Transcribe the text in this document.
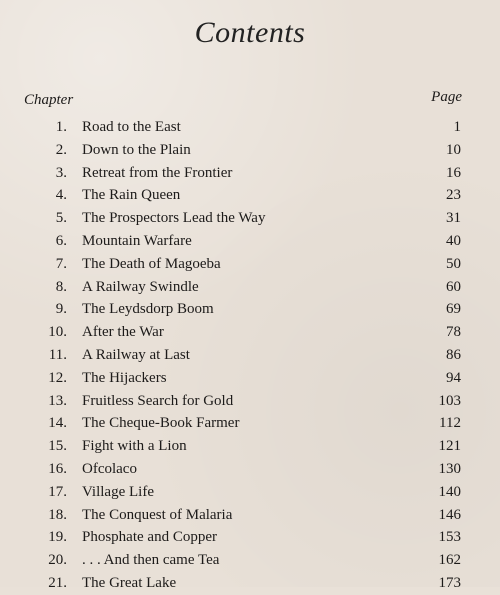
Contents
Chapter	Page
1. Road to the East	1
2. Down to the Plain	10
3. Retreat from the Frontier	16
4. The Rain Queen	23
5. The Prospectors Lead the Way	31
6. Mountain Warfare	40
7. The Death of Magoeba	50
8. A Railway Swindle	60
9. The Leydsdorp Boom	69
10. After the War	78
11. A Railway at Last	86
12. The Hijackers	94
13. Fruitless Search for Gold	103
14. The Cheque-Book Farmer	112
15. Fight with a Lion	121
16. Ofcolaco	130
17. Village Life	140
18. The Conquest of Malaria	146
19. Phosphate and Copper	153
20. . . . And then came Tea	162
21. The Great Lake	173
